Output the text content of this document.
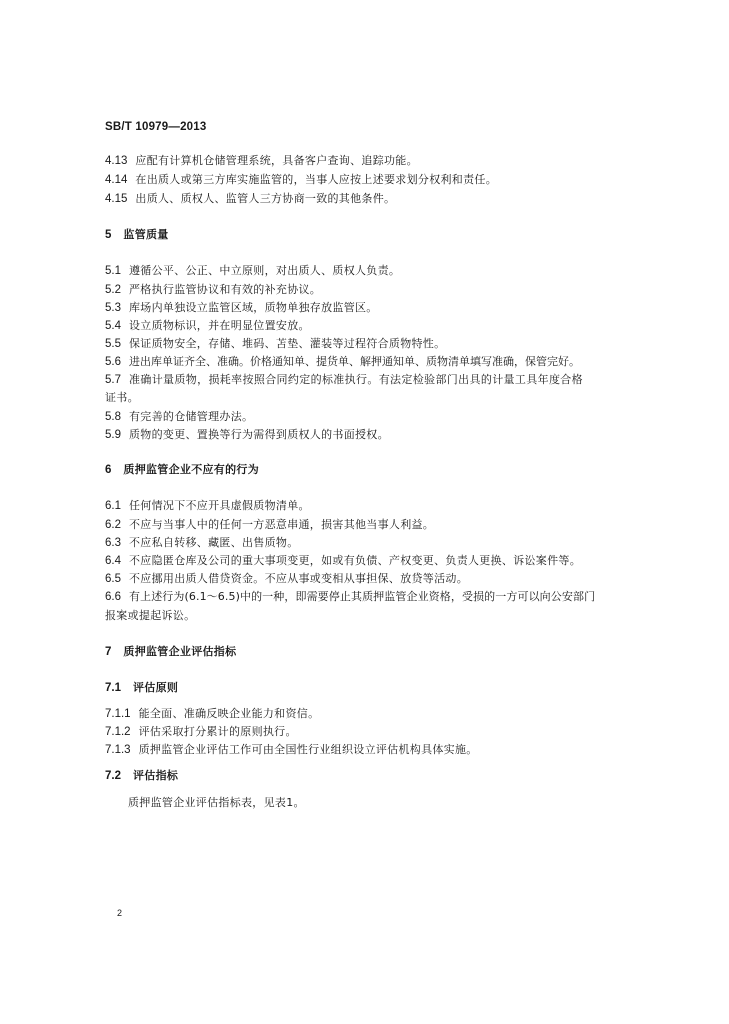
SB/T 10979—2013
4.13 应配有计算机仓储管理系统，具备客户查询、追踪功能。
4.14 在出质人或第三方库实施监管的，当事人应按上述要求划分权利和责任。
4.15 出质人、质权人、监管人三方协商一致的其他条件。
5 监管质量
5.1 遵循公平、公正、中立原则，对出质人、质权人负责。
5.2 严格执行监管协议和有效的补充协议。
5.3 库场内单独设立监管区域，质物单独存放监管区。
5.4 设立质物标识，并在明显位置安放。
5.5 保证质物安全，存储、堆码、苫垫、灌装等过程符合质物特性。
5.6 进出库单证齐全、准确。价格通知单、提货单、解押通知单、质物清单填写准确，保管完好。
5.7 准确计量质物，损耗率按照合同约定的标准执行。有法定检验部门出具的计量工具年度合格
证书。
5.8 有完善的仓储管理办法。
5.9 质物的变更、置换等行为需得到质权人的书面授权。
6 质押监管企业不应有的行为
6.1 任何情况下不应开具虚假质物清单。
6.2 不应与当事人中的任何一方恶意串通，损害其他当事人利益。
6.3 不应私自转移、藏匿、出售质物。
6.4 不应隐匿仓库及公司的重大事项变更，如或有负债、产权变更、负责人更换、诉讼案件等。
6.5 不应挪用出质人借贷资金。不应从事或变相从事担保、放贷等活动。
6.6 有上述行为(6.1～6.5)中的一种，即需要停止其质押监管企业资格，受损的一方可以向公安部门
报案或提起诉讼。
7 质押监管企业评估指标
7.1 评估原则
7.1.1 能全面、准确反映企业能力和资信。
7.1.2 评估采取打分累计的原则执行。
7.1.3 质押监管企业评估工作可由全国性行业组织设立评估机构具体实施。
7.2 评估指标
质押监管企业评估指标表，见表1。
2
